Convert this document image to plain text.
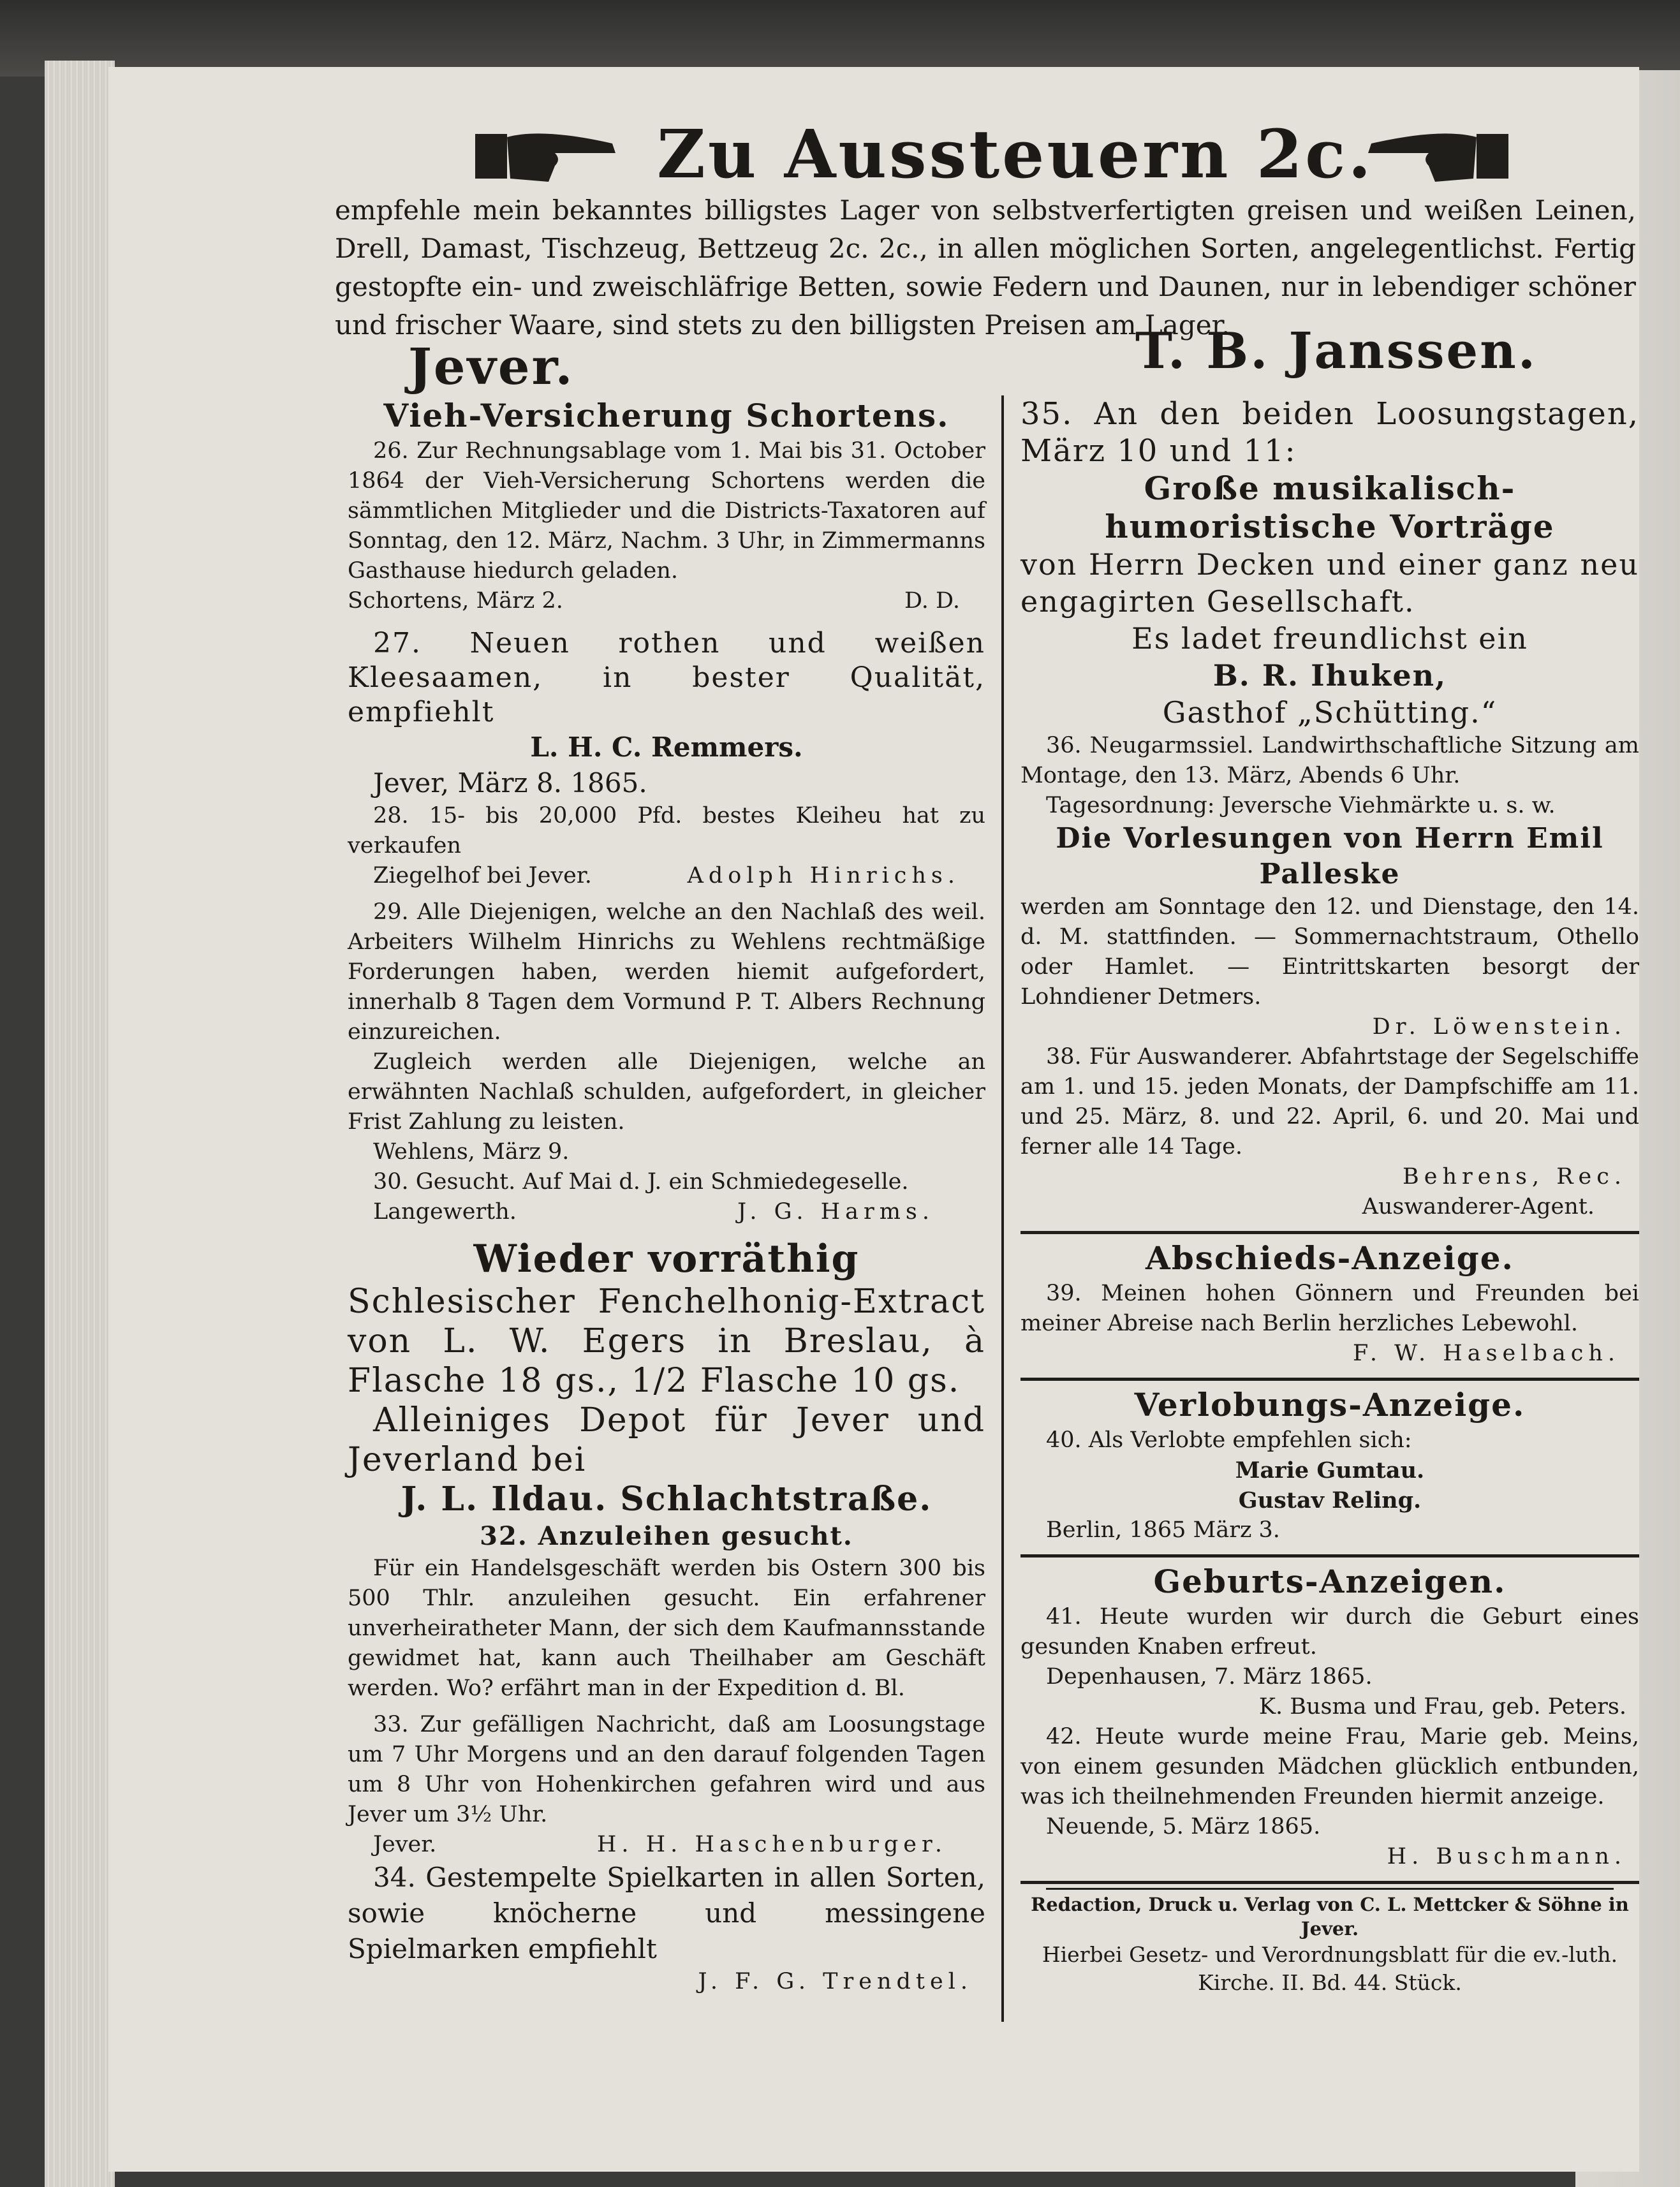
Zu Aussteuern 2c.
empfehle mein bekanntes billigstes Lager von selbstverfertigten greisen und weißen Leinen, Drell, Damast, Tischzeug, Bettzeug 2c. 2c., in allen möglichen Sorten, angelegentlichst. Fertig gestopfte ein- und zweischläfrige Betten, sowie Federn und Daunen, nur in lebendiger schöner und frischer Waare, sind stets zu den billigsten Preisen am Lager.
Jever.	T. B. Janssen.

Vieh-Versicherung Schortens.

26. Zur Rechnungsablage vom 1. Mai bis 31. October 1864 der Vieh-Versicherung Schortens werden die sämmtlichen Mitglieder und die Districts-Taxatoren auf Sonntag, den 12. März, Nachm. 3 Uhr, in Zimmermanns Gasthause hiedurch geladen.

Schortens, März 2.	D. D.

27. Neuen rothen und weißen Kleesaamen, in bester Qualität, empfiehlt

L. H. C. Remmers.

Jever, März 8. 1865.

28. 15- bis 20,000 Pfd. bestes Kleiheu hat zu verkaufen

Ziegelhof bei Jever.	Adolph Hinrichs.

29. Alle Diejenigen, welche an den Nachlaß des weil. Arbeiters Wilhelm Hinrichs zu Wehlens rechtmäßige Forderungen haben, werden hiemit aufgefordert, innerhalb 8 Tagen dem Vormund P. T. Albers Rechnung einzureichen.

Zugleich werden alle Diejenigen, welche an erwähnten Nachlaß schulden, aufgefordert, in gleicher Frist Zahlung zu leisten.

Wehlens, März 9.

30. Gesucht. Auf Mai d. J. ein Schmiedegeselle.

Langewerth.	J. G. Harms.

Wieder vorräthig

Schlesischer Fenchelhonig-Extract von L. W. Egers in Breslau, à Flasche 18 gs., 1/2 Flasche 10 gs.

Alleiniges Depot für Jever und Jeverland bei

J. L. Ildau. Schlachtstraße.

32. Anzuleihen gesucht.

Für ein Handelsgeschäft werden bis Ostern 300 bis 500 Thlr. anzuleihen gesucht. Ein erfahrener unverheiratheter Mann, der sich dem Kaufmannsstande gewidmet hat, kann auch Theilhaber am Geschäft werden. Wo? erfährt man in der Expedition d. Bl.

33. Zur gefälligen Nachricht, daß am Loosungstage um 7 Uhr Morgens und an den darauf folgenden Tagen um 8 Uhr von Hohenkirchen gefahren wird und aus Jever um 3½ Uhr.

Jever.	H. H. Haschenburger.

34. Gestempelte Spielkarten in allen Sorten, sowie knöcherne und messingene Spielmarken empfiehlt

J. F. G. Trendtel.

35. An den beiden Loosungstagen, März 10 und 11:

Große musikalisch-humoristische Vorträge

von Herrn Decken und einer ganz neu engagirten Gesellschaft.

Es ladet freundlichst ein

B. R. Ihuken,

Gasthof „Schütting.“

36. Neugarmssiel. Landwirthschaftliche Sitzung am Montage, den 13. März, Abends 6 Uhr.

Tagesordnung: Jeversche Viehmärkte u. s. w.

Die Vorlesungen von Herrn Emil Palleske

werden am Sonntage den 12. und Dienstage, den 14. d. M. stattfinden. — Sommernachtstraum, Othello oder Hamlet. — Eintrittskarten besorgt der Lohndiener Detmers.

Dr. Löwenstein.

38. Für Auswanderer. Abfahrtstage der Segelschiffe am 1. und 15. jeden Monats, der Dampfschiffe am 11. und 25. März, 8. und 22. April, 6. und 20. Mai und ferner alle 14 Tage.

Behrens, Rec.

Auswanderer-Agent.

Abschieds-Anzeige.

39. Meinen hohen Gönnern und Freunden bei meiner Abreise nach Berlin herzliches Lebewohl.

F. W. Haselbach.

Verlobungs-Anzeige.

40. Als Verlobte empfehlen sich:

Marie Gumtau.

Gustav Reling.

Berlin, 1865 März 3.

Geburts-Anzeigen.

41. Heute wurden wir durch die Geburt eines gesunden Knaben erfreut.

Depenhausen, 7. März 1865.

K. Busma und Frau, geb. Peters.

42. Heute wurde meine Frau, Marie geb. Meins, von einem gesunden Mädchen glücklich entbunden, was ich theilnehmenden Freunden hiermit anzeige.

Neuende, 5. März 1865.

H. Buschmann.

Redaction, Druck u. Verlag von C. L. Mettcker & Söhne in Jever.

Hierbei Gesetz- und Verordnungsblatt für die ev.-luth. Kirche. II. Bd. 44. Stück.
